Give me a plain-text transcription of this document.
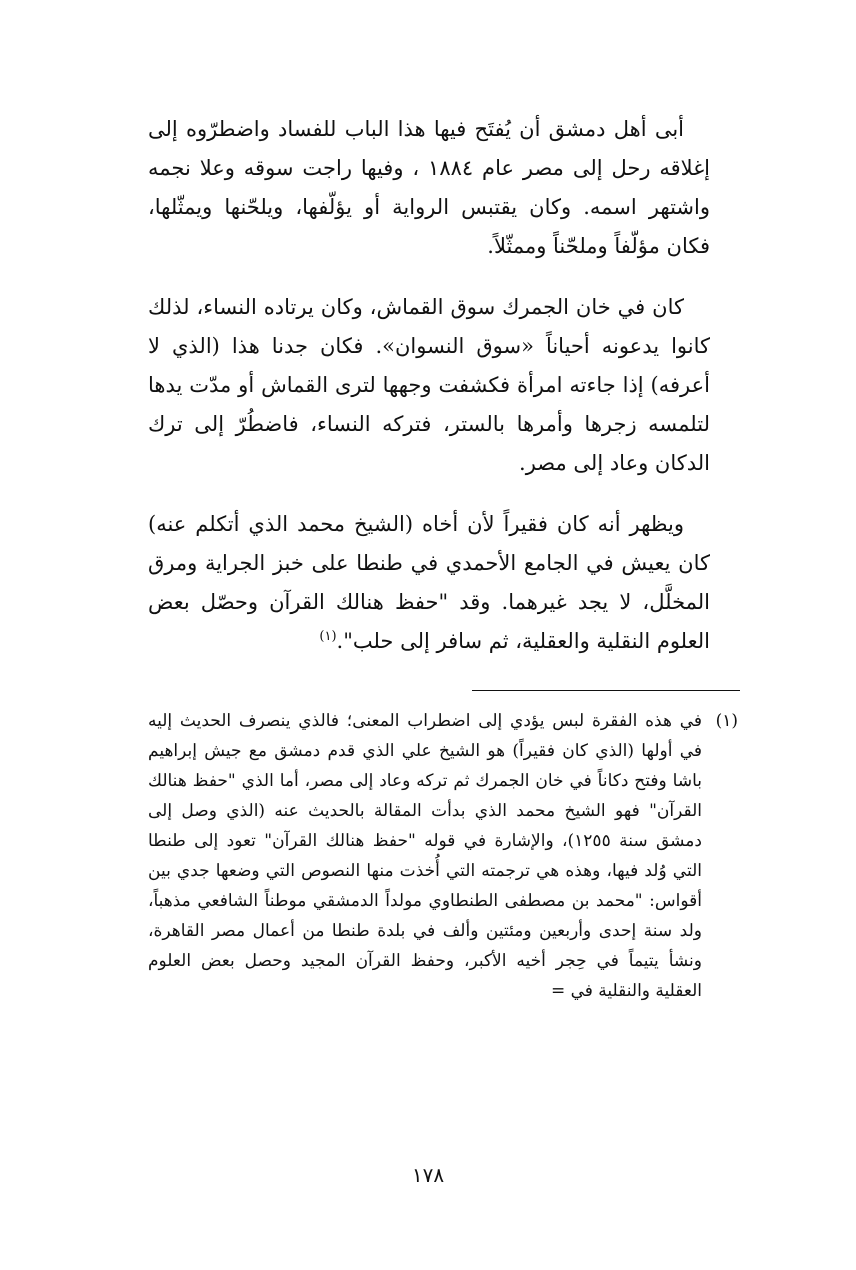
أبى أهل دمشق أن يُفتَح فيها هذا الباب للفساد واضطرّوه إلى إغلاقه رحل إلى مصر عام ١٨٨٤ ، وفيها راجت سوقه وعلا نجمه واشتهر اسمه. وكان يقتبس الرواية أو يؤلّفها، ويلحّنها ويمثّلها، فكان مؤلّفاً وملحّناً وممثّلاً.

كان في خان الجمرك سوق القماش، وكان يرتاده النساء، لذلك كانوا يدعونه أحياناً «سوق النسوان». فكان جدنا هذا (الذي لا أعرفه) إذا جاءته امرأة فكشفت وجهها لترى القماش أو مدّت يدها لتلمسه زجرها وأمرها بالستر، فتركه النساء، فاضطُرّ إلى ترك الدكان وعاد إلى مصر.

ويظهر أنه كان فقيراً لأن أخاه (الشيخ محمد الذي أتكلم عنه) كان يعيش في الجامع الأحمدي في طنطا على خبز الجراية ومرق المخلَّل، لا يجد غيرهما. وقد "حفظ هنالك القرآن وحصّل بعض العلوم النقلية والعقلية، ثم سافر إلى حلب".$^{(١)}$

(١)
في هذه الفقرة لبس يؤدي إلى اضطراب المعنى؛ فالذي ينصرف الحديث إليه في أولها (الذي كان فقيراً) هو الشيخ علي الذي قدم دمشق مع جيش إبراهيم باشا وفتح دكاناً في خان الجمرك ثم تركه وعاد إلى مصر، أما الذي "حفظ هنالك القرآن" فهو الشيخ محمد الذي بدأت المقالة بالحديث عنه (الذي وصل إلى دمشق سنة ١٢٥٥)، والإشارة في قوله "حفظ هنالك القرآن" تعود إلى طنطا التي وُلد فيها، وهذه هي ترجمته التي أُخذت منها النصوص التي وضعها جدي بين أقواس: "محمد بن مصطفى الطنطاوي مولداً الدمشقي موطناً الشافعي مذهباً، ولد سنة إحدى وأربعين ومئتين وألف في بلدة طنطا من أعمال مصر القاهرة، ونشأ يتيماً في حِجر أخيه الأكبر، وحفظ القرآن المجيد وحصل بعض العلوم العقلية والنقلية في =
١٧٨
